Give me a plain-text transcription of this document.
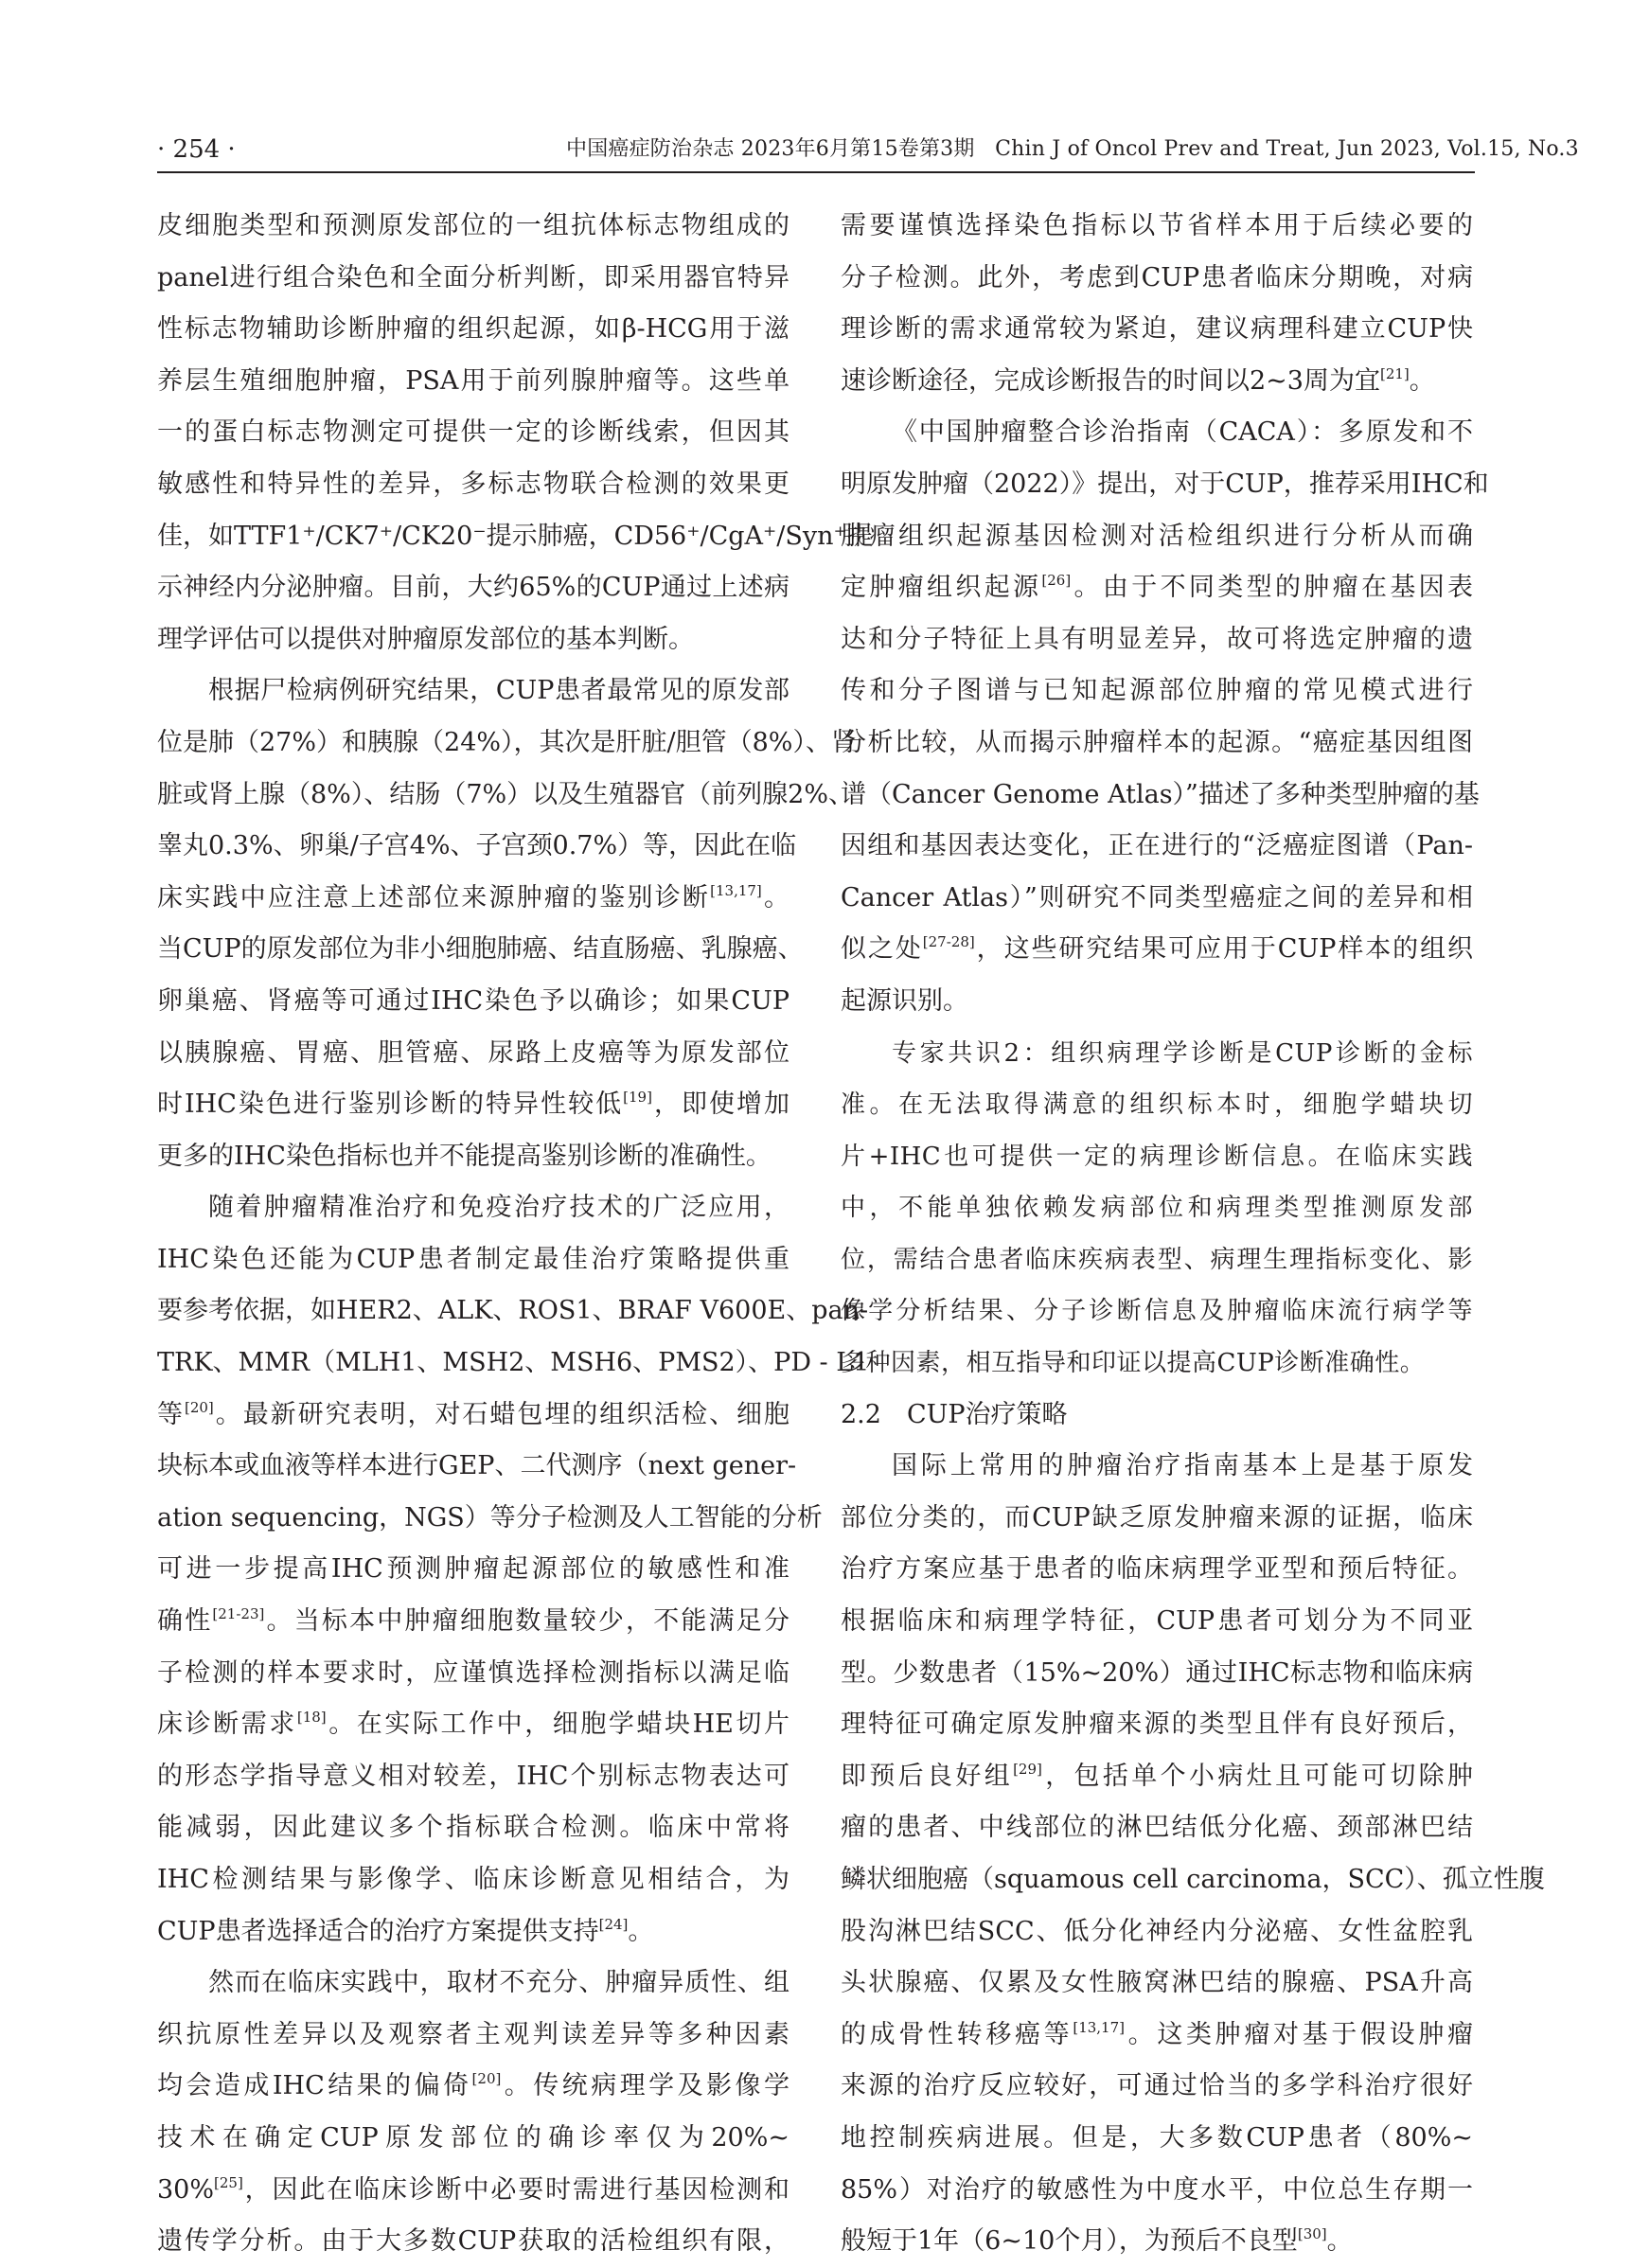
· 254 ·	中国癌症防治杂志 2023年6月第15卷第3期   Chin J of Oncol Prev and Treat, Jun 2023, Vol.15, No.3
皮细胞类型和预测原发部位的一组抗体标志物组成的
panel进行组合染色和全面分析判断，即采用器官特异
性标志物辅助诊断肿瘤的组织起源，如β-HCG用于滋
养层生殖细胞肿瘤，PSA用于前列腺肿瘤等。这些单
一的蛋白标志物测定可提供一定的诊断线索，但因其
敏感性和特异性的差异，多标志物联合检测的效果更
佳，如TTF1⁺/CK7⁺/CK20⁻提示肺癌，CD56⁺/CgA⁺/Syn⁺提
示神经内分泌肿瘤。目前，大约65%的CUP通过上述病
理学评估可以提供对肿瘤原发部位的基本判断。
根据尸检病例研究结果，CUP患者最常见的原发部
位是肺（27%）和胰腺（24%），其次是肝脏/胆管（8%）、肾
脏或肾上腺（8%）、结肠（7%）以及生殖器官（前列腺2%、
睾丸0.3%、卵巢/子宫4%、子宫颈0.7%）等，因此在临
床实践中应注意上述部位来源肿瘤的鉴别诊断[13,17]。
当CUP的原发部位为非小细胞肺癌、结直肠癌、乳腺癌、
卵巢癌、肾癌等可通过IHC染色予以确诊；如果CUP
以胰腺癌、胃癌、胆管癌、尿路上皮癌等为原发部位
时IHC染色进行鉴别诊断的特异性较低[19]，即使增加
更多的IHC染色指标也并不能提高鉴别诊断的准确性。
随着肿瘤精准治疗和免疫治疗技术的广泛应用，
IHC染色还能为CUP患者制定最佳治疗策略提供重
要参考依据，如HER2、ALK、ROS1、BRAF V600E、pan-
TRK、MMR（MLH1、MSH2、MSH6、PMS2）、PD - L1
等[20]。最新研究表明，对石蜡包埋的组织活检、细胞
块标本或血液等样本进行GEP、二代测序（next gener-
ation sequencing，NGS）等分子检测及人工智能的分析
可进一步提高IHC预测肿瘤起源部位的敏感性和准
确性[21-23]。当标本中肿瘤细胞数量较少，不能满足分
子检测的样本要求时，应谨慎选择检测指标以满足临
床诊断需求[18]。在实际工作中，细胞学蜡块HE切片
的形态学指导意义相对较差，IHC个别标志物表达可
能减弱，因此建议多个指标联合检测。临床中常将
IHC检测结果与影像学、临床诊断意见相结合，为
CUP患者选择适合的治疗方案提供支持[24]。
然而在临床实践中，取材不充分、肿瘤异质性、组
织抗原性差异以及观察者主观判读差异等多种因素
均会造成IHC结果的偏倚[20]。传统病理学及影像学
技术在确定CUP原发部位的确诊率仅为20%~
30%[25]，因此在临床诊断中必要时需进行基因检测和
遗传学分析。由于大多数CUP获取的活检组织有限，
需要谨慎选择染色指标以节省样本用于后续必要的
分子检测。此外，考虑到CUP患者临床分期晚，对病
理诊断的需求通常较为紧迫，建议病理科建立CUP快
速诊断途径，完成诊断报告的时间以2~3周为宜[21]。
《中国肿瘤整合诊治指南（CACA）：多原发和不
明原发肿瘤（2022）》提出，对于CUP，推荐采用IHC和
肿瘤组织起源基因检测对活检组织进行分析从而确
定肿瘤组织起源[26]。由于不同类型的肿瘤在基因表
达和分子特征上具有明显差异，故可将选定肿瘤的遗
传和分子图谱与已知起源部位肿瘤的常见模式进行
分析比较，从而揭示肿瘤样本的起源。“癌症基因组图
谱（Cancer Genome Atlas）”描述了多种类型肿瘤的基
因组和基因表达变化，正在进行的“泛癌症图谱（Pan-
Cancer Atlas）”则研究不同类型癌症之间的差异和相
似之处[27-28]，这些研究结果可应用于CUP样本的组织
起源识别。
专家共识2：组织病理学诊断是CUP诊断的金标
准。在无法取得满意的组织标本时，细胞学蜡块切
片+IHC也可提供一定的病理诊断信息。在临床实践
中，不能单独依赖发病部位和病理类型推测原发部
位，需结合患者临床疾病表型、病理生理指标变化、影
像学分析结果、分子诊断信息及肿瘤临床流行病学等
多种因素，相互指导和印证以提高CUP诊断准确性。
2.2　CUP治疗策略
国际上常用的肿瘤治疗指南基本上是基于原发
部位分类的，而CUP缺乏原发肿瘤来源的证据，临床
治疗方案应基于患者的临床病理学亚型和预后特征。
根据临床和病理学特征，CUP患者可划分为不同亚
型。少数患者（15%~20%）通过IHC标志物和临床病
理特征可确定原发肿瘤来源的类型且伴有良好预后，
即预后良好组[29]，包括单个小病灶且可能可切除肿
瘤的患者、中线部位的淋巴结低分化癌、颈部淋巴结
鳞状细胞癌（squamous cell carcinoma，SCC）、孤立性腹
股沟淋巴结SCC、低分化神经内分泌癌、女性盆腔乳
头状腺癌、仅累及女性腋窝淋巴结的腺癌、PSA升高
的成骨性转移癌等[13,17]。这类肿瘤对基于假设肿瘤
来源的治疗反应较好，可通过恰当的多学科治疗很好
地控制疾病进展。但是，大多数CUP患者（80%~
85%）对治疗的敏感性为中度水平，中位总生存期一
般短于1年（6~10个月），为预后不良型[30]。
